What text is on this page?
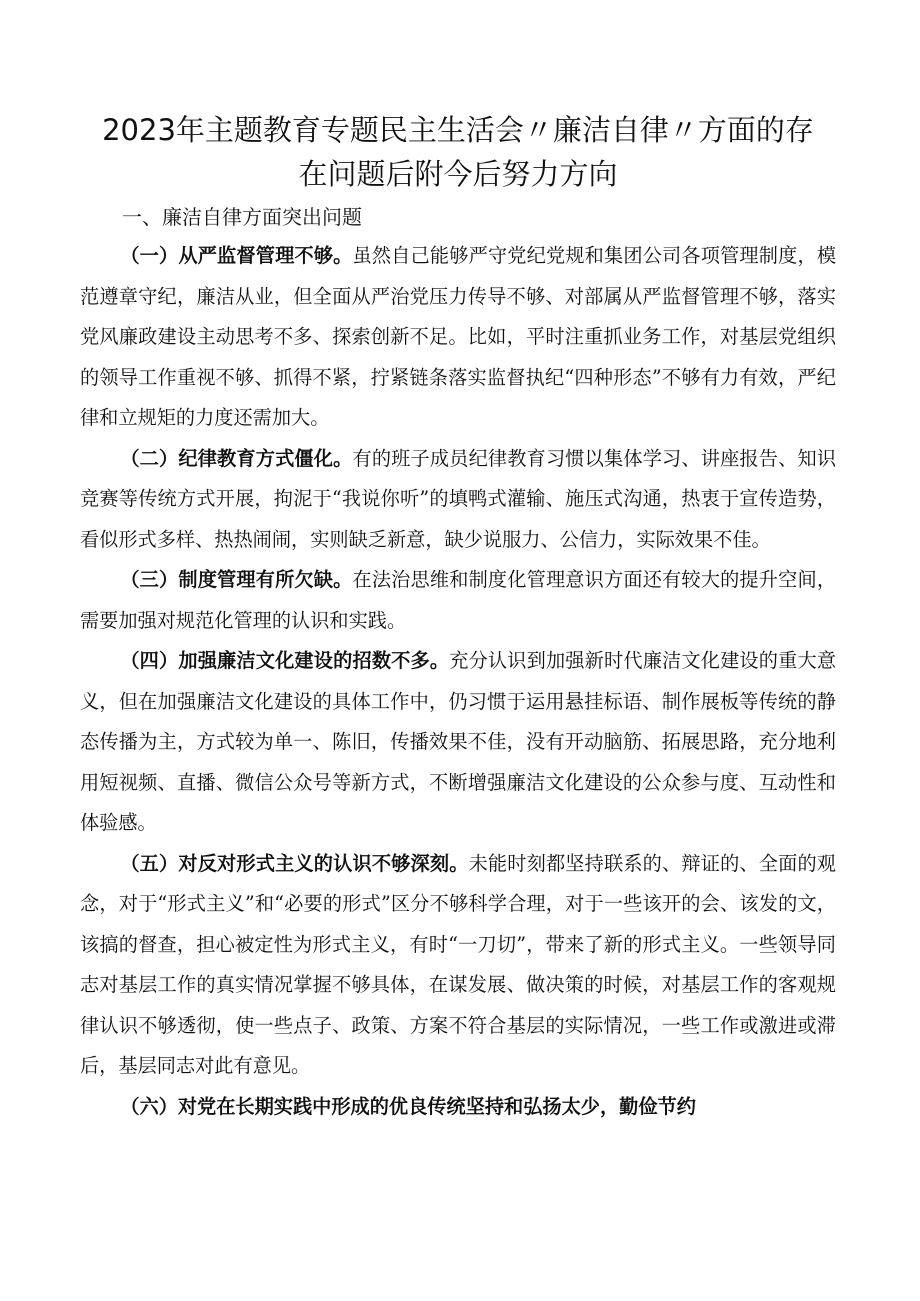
2023年主题教育专题民主生活会〃廉洁自律〃方面的存
在问题后附今后努力方向
一、廉洁自律方面突出问题

（一）从严监督管理不够。虽然自己能够严守党纪党规和集团公司各项管理制度，模范遵章守纪，廉洁从业，但全面从严治党压力传导不够、对部属从严监督管理不够，落实党风廉政建设主动思考不多、探索创新不足。比如，平时注重抓业务工作，对基层党组织的领导工作重视不够、抓得不紧，拧紧链条落实监督执纪“四种形态”不够有力有效，严纪律和立规矩的力度还需加大。

（二）纪律教育方式僵化。有的班子成员纪律教育习惯以集体学习、讲座报告、知识竞赛等传统方式开展，拘泥于“我说你听”的填鸭式灌输、施压式沟通，热衷于宣传造势，看似形式多样、热热闹闹，实则缺乏新意，缺少说服力、公信力，实际效果不佳。

（三）制度管理有所欠缺。在法治思维和制度化管理意识方面还有较大的提升空间，需要加强对规范化管理的认识和实践。

（四）加强廉洁文化建设的招数不多。充分认识到加强新时代廉洁文化建设的重大意义，但在加强廉洁文化建设的具体工作中，仍习惯于运用悬挂标语、制作展板等传统的静态传播为主，方式较为单一、陈旧，传播效果不佳，没有开动脑筋、拓展思路，充分地利用短视频、直播、微信公众号等新方式，不断增强廉洁文化建设的公众参与度、互动性和体验感。

（五）对反对形式主义的认识不够深刻。未能时刻都坚持联系的、辩证的、全面的观念，对于“形式主义”和“必要的形式”区分不够科学合理，对于一些该开的会、该发的文，该搞的督查，担心被定性为形式主义，有时“一刀切”，带来了新的形式主义。一些领导同志对基层工作的真实情况掌握不够具体，在谋发展、做决策的时候，对基层工作的客观规律认识不够透彻，使一些点子、政策、方案不符合基层的实际情况，一些工作或激进或滞后，基层同志对此有意见。

（六）对党在长期实践中形成的优良传统坚持和弘扬太少，勤俭节约
